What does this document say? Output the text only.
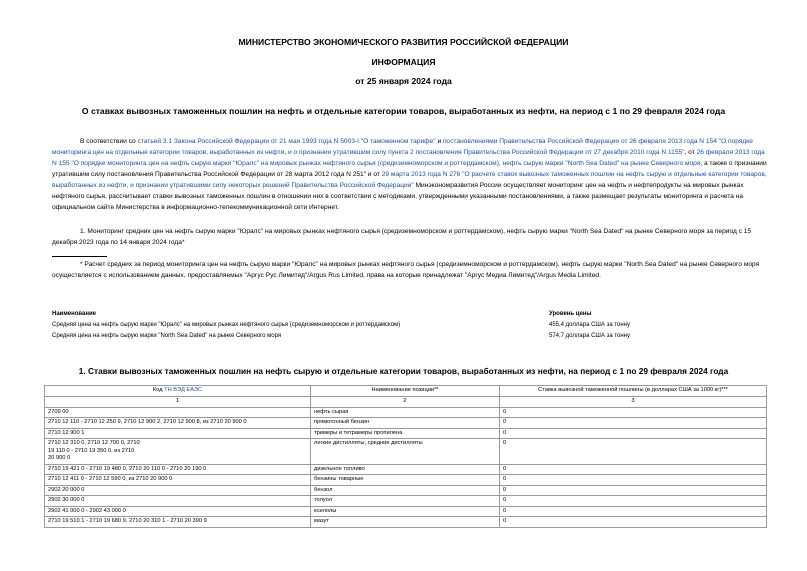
МИНИСТЕРСТВО ЭКОНОМИЧЕСКОГО РАЗВИТИЯ РОССИЙСКОЙ ФЕДЕРАЦИИ
ИНФОРМАЦИЯ
от 25 января 2024 года
О ставках вывозных таможенных пошлин на нефть и отдельные категории товаров, выработанных из нефти, на период с 1 по 29 февраля 2024 года
В соответствии со статьей 3.1 Закона Российской Федерации от 21 мая 1993 года N 5003-I "О таможенном тарифе" и постановлениями Правительства Российской Федерации от 26 февраля 2013 года N 154 "О порядке мониторинга цен на отдельные категории товаров, выработанных из нефти, и о признании утратившим силу пункта 2 постановления Правительства Российской Федерации от 27 декабря 2010 года N 1155", от 26 февраля 2013 года N 155 "О порядке мониторинга цен на нефть сырую марки "Юралс" на мировых рынках нефтяного сырья (средиземноморском и роттердамском), нефть сырую марки "North Sea Dated" на рынке Северного моря, а также о признании утратившим силу постановления Правительства Российской Федерации от 28 марта 2012 года N 251" и от 29 марта 2013 года N 276 "О расчете ставок вывозных таможенных пошлин на нефть сырую и отдельные категории товаров, выработанных из нефти, и признании утратившими силу некоторых решений Правительства Российской Федерации" Минэкономразвития России осуществляет мониторинг цен на нефть и нефтепродукты на мировых рынках нефтяного сырья, рассчитывает ставки вывозных таможенных пошлин в отношении них в соответствии с методиками, утвержденными указанными постановлениями, а также размещает результаты мониторинга и расчета на официальном сайте Министерства в информационно-телекоммуникационной сети Интернет.
1. Мониторинг средних цен на нефть сырую марки "Юралс" на мировых рынках нефтяного сырья (средиземноморском и роттердамском), нефть сырую марки "North Sea Dated" на рынке Северного моря за период с 15 декабря 2023 года по 14 января 2024 года*
* Расчет средних за период мониторинга цен на нефть сырую марки "Юралс" на мировых рынках нефтяного сырья (средиземноморском и роттердамском), нефть сырую марки "North Sea Dated" на рынке Северного моря осуществляется с использованием данных, предоставляемых "Аргус Рус Лимитед"/Argus Rus Limited, права на которые принадлежат "Аргус Медиа Лимитед"/Argus Media Limited.
Наименование	Уровень цены
Средняя цена на нефть сырую марки "Юралс" на мировых рынках нефтяного сырья (средиземноморском и роттердамском)	455,4 доллара США за тонну
Средняя цена на нефть сырую марки "North Sea Dated" на рынке Северного моря	574,7 доллара США за тонну
1. Ставки вывозных таможенных пошлин на нефть сырую и отдельные категории товаров, выработанных из нефти, на период с 1 по 29 февраля 2024 года
Код ТН ВЭД ЕАЭС	Наименование позиции**	Ставка вывозной таможенной пошлины (в долларах США за 1000 кг)***
1	2	3
2709 00	нефть сырая	0
2710 12 110 - 2710 12 250 9, 2710 12 900 2, 2710 12 900 8, из 2710 20 900 0	прямогонный бензин	0
2710 12 900 1	тримеры и тетрамеры пропилена	0
2710 12 310 0, 2710 12 700 0, 2710
19 110 0 - 2710 19 350 0, из 2710
20 900 0	легкие дистилляты, средние дистилляты	0
2710 19 421 0 - 2710 19 480 0, 2710 20 110 0 - 2710 20 190 0	дизельное топливо	0
2710 12 411 0 - 2710 12 590 0, из 2710 20 900 0	бензины товарные	0
2902 20 000 0	бензол	0
2902 30 000 0	толуол	0
2902 41 000 0 - 2902 43 000 0	ксилолы	0
2710 19 510 1 - 2710 19 680 9, 2710 20 310 1 - 2710 20 390 9	мазут	0
